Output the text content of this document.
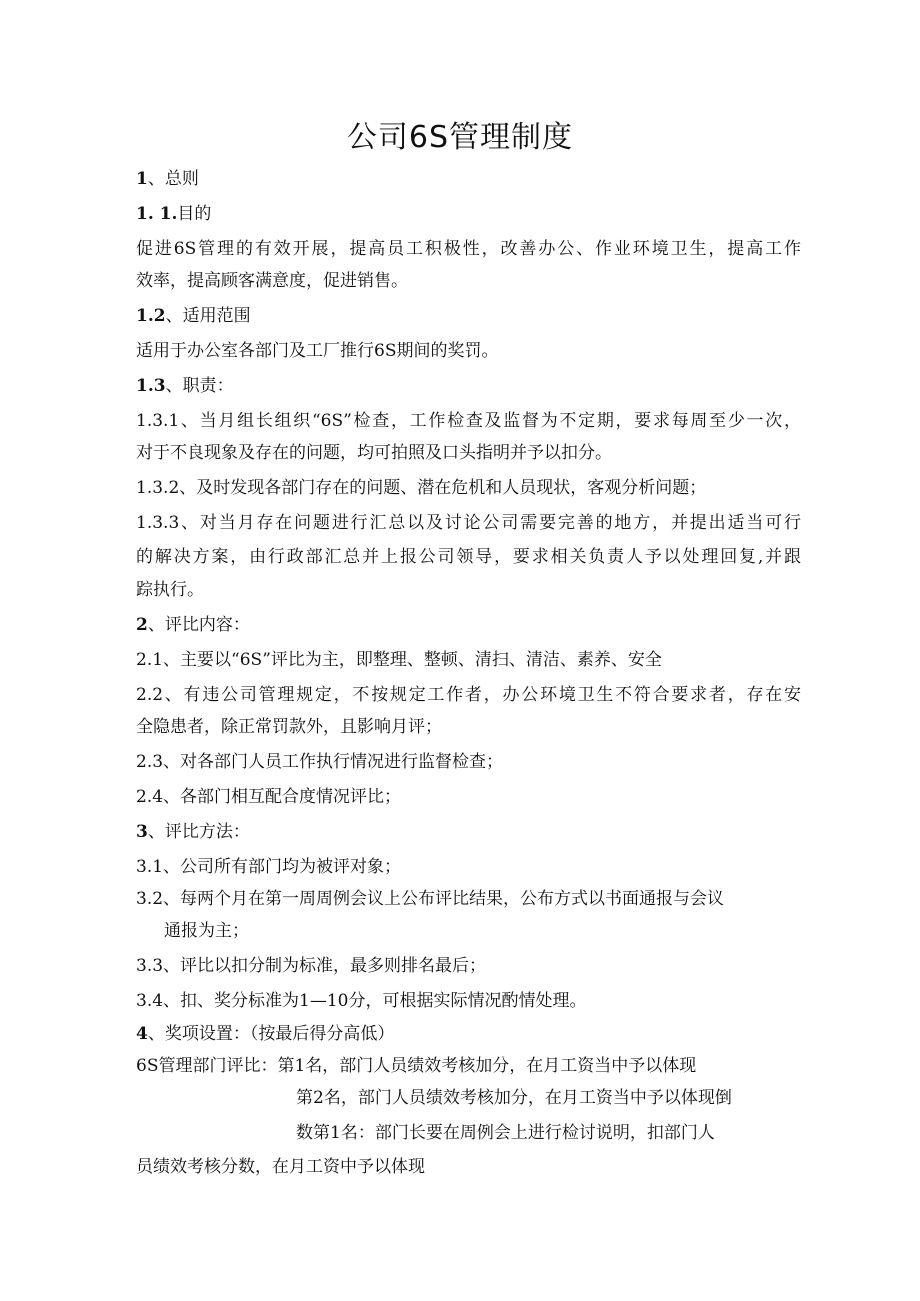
公司6S管理制度
1、总则
1. 1.目的
促进6S管理的有效开展，提高员工积极性，改善办公、作业环境卫生，提高工作
效率，提高顾客满意度，促进销售。
1.2、适用范围
适用于办公室各部门及工厂推行6S期间的奖罚。
1.3、职责：
1.3.1、当月组长组织“6S”检查，工作检查及监督为不定期，要求每周至少一次，
对于不良现象及存在的问题，均可拍照及口头指明并予以扣分。
1.3.2、及时发现各部门存在的问题、潜在危机和人员现状，客观分析问题；
1.3.3、对当月存在问题进行汇总以及讨论公司需要完善的地方，并提出适当可行
的解决方案，由行政部汇总并上报公司领导，要求相关负责人予以处理回复,并跟
踪执行。
2、评比内容：
2.1、主要以“6S”评比为主，即整理、整顿、清扫、清洁、素养、安全
2.2、有违公司管理规定，不按规定工作者，办公环境卫生不符合要求者，存在安
全隐患者，除正常罚款外，且影响月评；
2.3、对各部门人员工作执行情况进行监督检查；
2.4、各部门相互配合度情况评比；
3、评比方法：
3.1、公司所有部门均为被评对象；
3.2、每两个月在第一周周例会议上公布评比结果，公布方式以书面通报与会议
通报为主；
3.3、评比以扣分制为标准，最多则排名最后；
3.4、扣、奖分标准为1—10分，可根据实际情况酌情处理。
4、奖项设置：（按最后得分高低）
6S管理部门评比：第1名，部门人员绩效考核加分，在月工资当中予以体现
第2名，部门人员绩效考核加分，在月工资当中予以体现倒
数第1名：部门长要在周例会上进行检讨说明，扣部门人
员绩效考核分数，在月工资中予以体现
